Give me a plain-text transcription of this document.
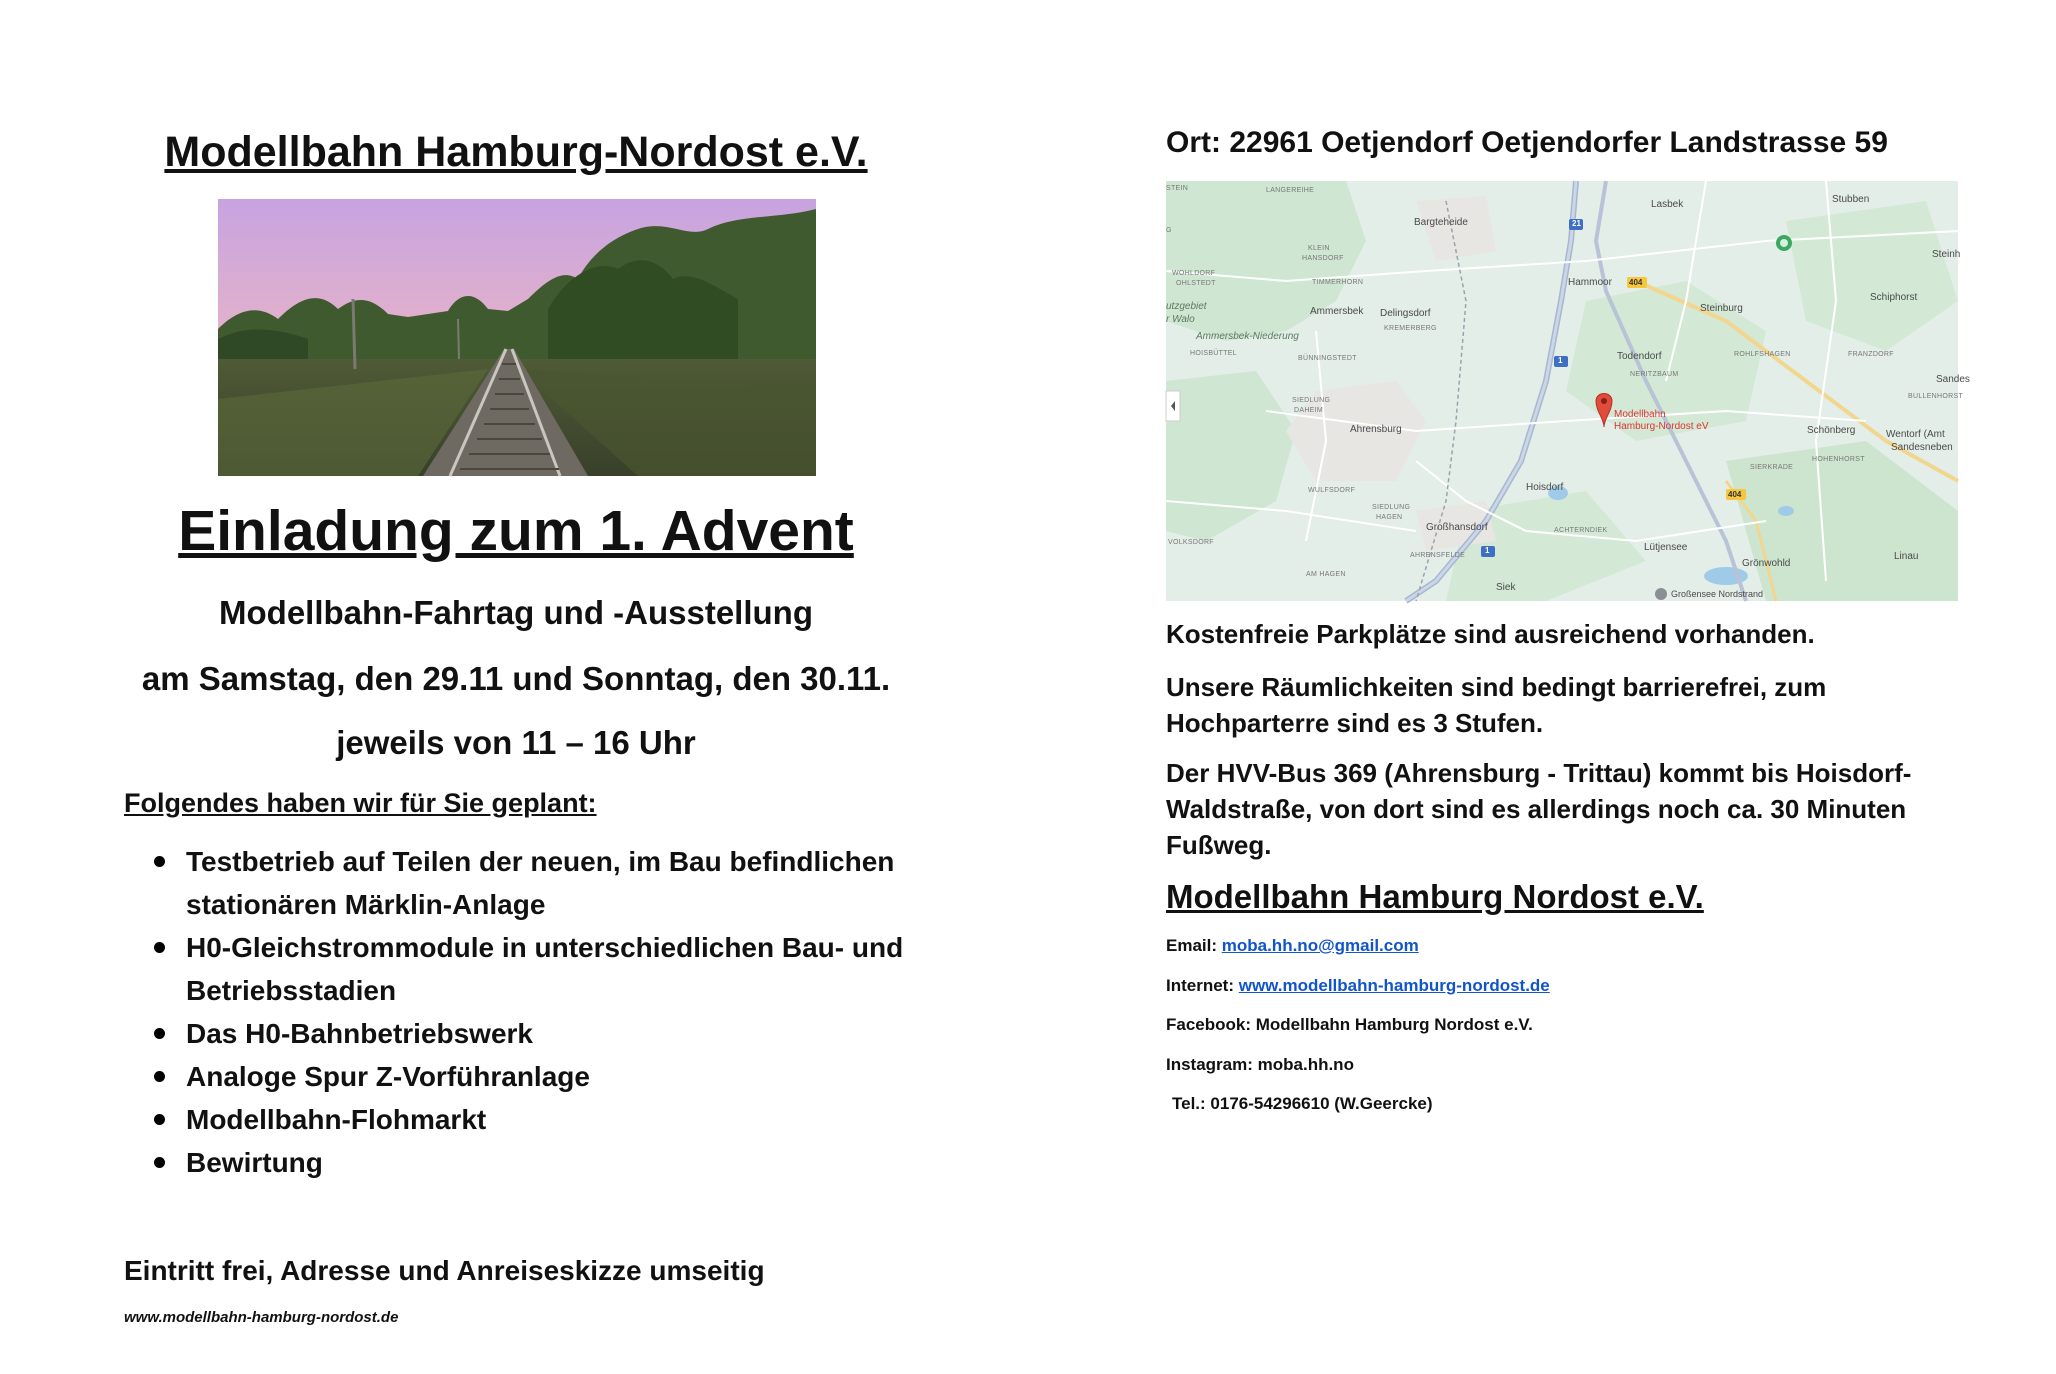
Modellbahn Hamburg-Nordost e.V.
Einladung zum 1. Advent
Modellbahn-Fahrtag und -Ausstellung
am Samstag, den 29.11 und Sonntag, den 30.11.
jeweils von 11 – 16 Uhr
Folgendes haben wir für Sie geplant:
Testbetrieb auf Teilen der neuen, im Bau befindlichen stationären Märklin-Anlage
H0-Gleichstrommodule in unterschiedlichen Bau- und Betriebsstadien
Das H0-Bahnbetriebswerk
Analoge Spur Z-Vorführanlage
Modellbahn-Flohmarkt
Bewirtung
Eintritt frei, Adresse und Anreiseskizze umseitig
www.modellbahn-hamburg-nordost.de
Ort: 22961 Oetjendorf Oetjendorfer Landstrasse 59
21
404
1
404
1
STEIN
G
Bargteheide
Lasbek	Stubben
Steinh
Hammoor
Ammersbek Delingsdorf	Steinburg
Schiphorst
Todendorf
Sandes
Ahrensburg	Schönberg	Wentorf (Amt
Sandesneben
Hoisdorf
Großhansdorf
Lütjensee
Linau
Grönwohld
Siek
Großensee Nordstrand
utzgebiet
r Walo
Ammersbek-Niederung
LANGEREIHE
KLEIN
HANSDORF
WOHLDORF
OHLSTEDT	TIMMERHORN
KREMERBERG
HOISBÜTTEL
BÜNNINGSTEDT
SIEDLUNG
DAHEIM
ROHLFSHAGEN
NERITZBAUM
FRANZDORF
BULLENHORST
WULFSDORF
SIEDLUNG
HAGEN
VOLKSDORF
ACHTERNDIEK
AM HAGEN
AHRENSFELDE
HOHENHORST
SIERKRADE
Modellbahn
Hamburg-Nordost eV
Kostenfreie Parkplätze sind ausreichend vorhanden.
Unsere Räumlichkeiten sind bedingt barrierefrei, zum Hochparterre sind es 3 Stufen.
Der HVV-Bus 369 (Ahrensburg - Trittau) kommt bis Hoisdorf-Waldstraße, von dort sind es allerdings noch ca. 30 Minuten Fußweg.
Modellbahn Hamburg Nordost e.V.
Email: moba.hh.no@gmail.com
Internet: www.modellbahn-hamburg-nordost.de
Facebook: Modellbahn Hamburg Nordost e.V.
Instagram: moba.hh.no
Tel.: 0176-54296610 (W.Geercke)
